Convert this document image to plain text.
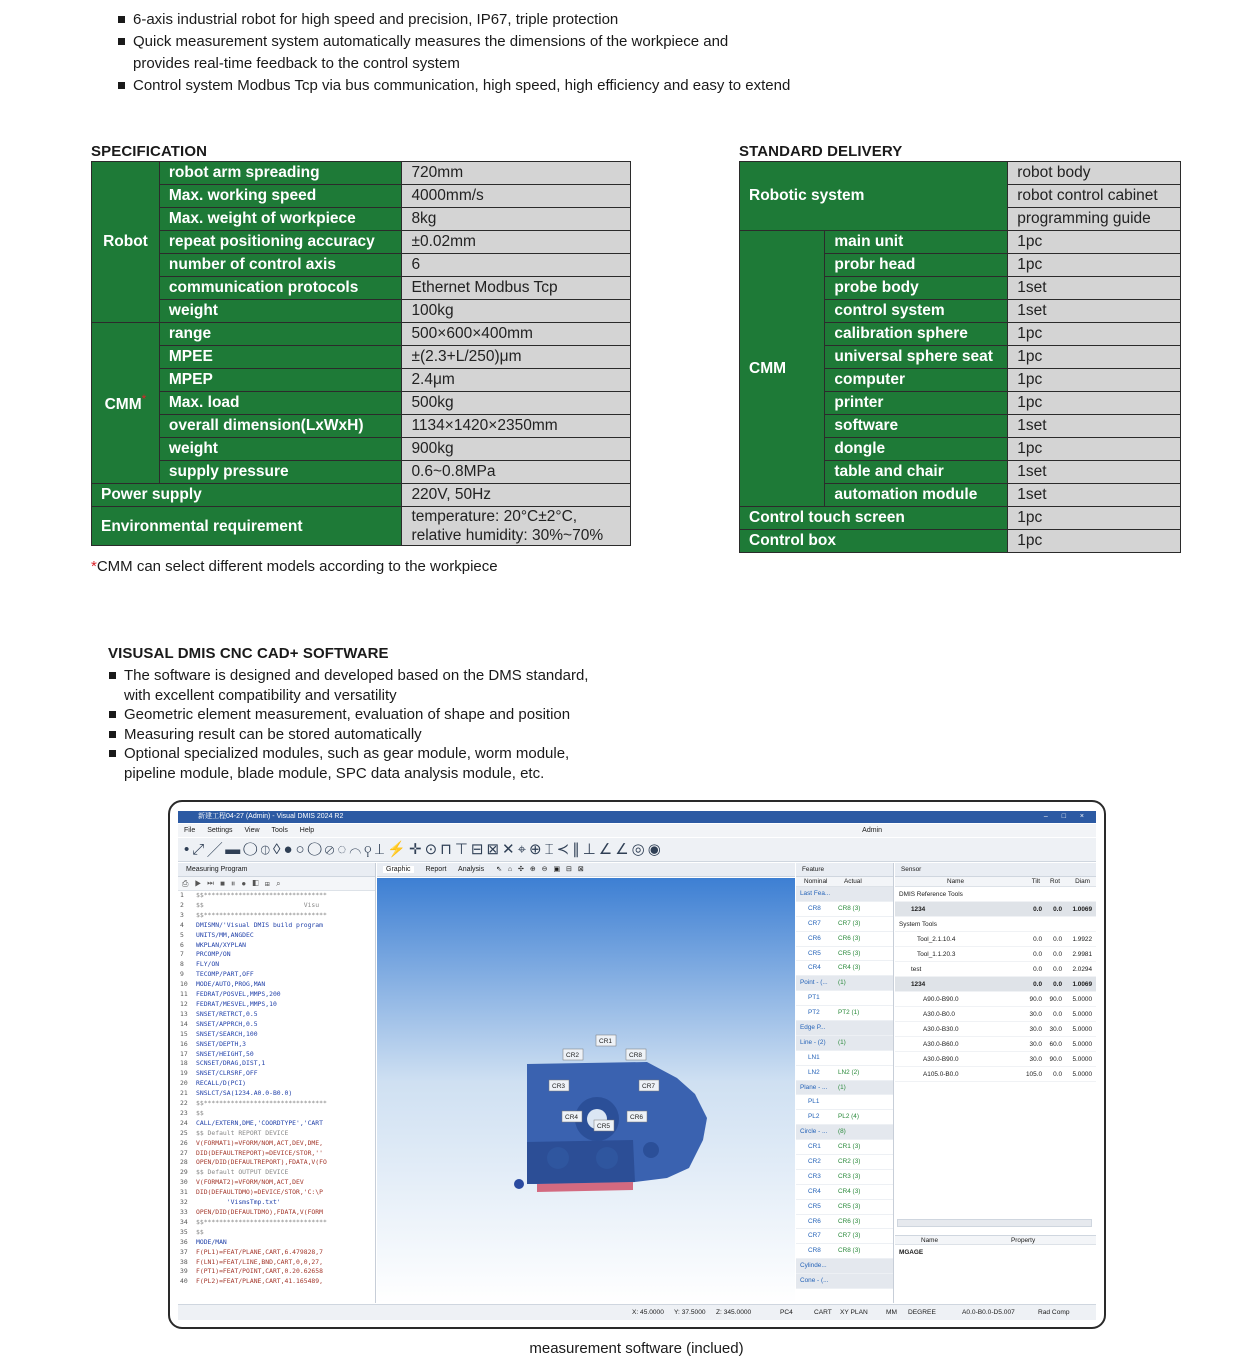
6-axis industrial robot for high speed and precision, IP67, triple protection
Quick measurement system automatically measures the dimensions of the workpiece and
provides real-time feedback to the control system
Control system Modbus Tcp via bus communication, high speed, high efficiency and easy to extend
SPECIFICATION
Robot	robot arm spreading	720mm
	Max. working speed	4000mm/s
	Max. weight of workpiece	8kg
	repeat positioning accuracy	±0.02mm
	number of control axis	6
	communication protocols	Ethernet Modbus Tcp
	weight	100kg
CMM*	range	500×600×400mm
	MPEE	±(2.3+L/250)μm
	MPEP	2.4μm
	Max. load	500kg
	overall dimension(LxWxH)	1134×1420×2350mm
	weight	900kg
	supply pressure	0.6~0.8MPa
Power supply		220V, 50Hz
Environmental requirement		temperature: 20°C±2°C,
relative humidity: 30%~70%
*CMM can select different models according to the workpiece
STANDARD DELIVERY
Robotic system		robot body
		robot control cabinet
		programming guide
CMM	main unit	1pc
	probr head	1pc
	probe body	1set
	control system	1set
	calibration sphere	1pc
	universal sphere seat	1pc
	computer	1pc
	printer	1pc
	software	1set
	dongle	1pc
	table and chair	1set
	automation module	1set
Control touch screen		1pc
Control box		1pc
VISUSAL DMIS CNC CAD+ SOFTWARE
The software is designed and developed based on the DMS standard,
with excellent compatibility and versatility
Geometric element measurement, evaluation of shape and position
Measuring result can be stored automatically
Optional specialized modules, such as gear module, worm module,
pipeline module, blade module, SPC data analysis module, etc.
新建工程04-27 (Admin) - Visual DMIS 2024 R2	– □ ×
File Settings View Tools Help	Admin
•⤢╱▬◯⦶◊●○◯⊘◌⌒⚲⊥⚡✛⊙⊓⊤⊟⊠✕⌖⊕⌶≺∥⊥∠∠◎◉
Measuring Program
⎙ ▶ ⏭ ■ ⏸ ● ◧ ⊞ ⌕
1 $$********************************
2 $$                          Visu
3 $$********************************
4 DMISMN/'Visual DMIS build program
5 UNITS/MM,ANGDEC
6 WKPLAN/XYPLAN
7 PRCOMP/ON
8 FLY/ON
9 TECOMP/PART,OFF
10 MODE/AUTO,PROG,MAN
11 FEDRAT/POSVEL,MMPS,200
12 FEDRAT/MESVEL,MMPS,10
13 SNSET/RETRCT,0.5
14 SNSET/APPRCH,0.5
15 SNSET/SEARCH,100
16 SNSET/DEPTH,3
17 SNSET/HEIGHT,50
18 SCNSET/DRAG,DIST,1
19 SNSET/CLRSRF,OFF
20 RECALL/D(PCI)
21 SNSLCT/SA(1234.A0.0-B0.0)
22 $$********************************
23 $$
24 CALL/EXTERN,DME,'COORDTYPE','CART
25 $$ Default REPORT DEVICE
26 V(FORMAT1)=VFORM/NOM,ACT,DEV,DME,
27 DID(DEFAULTREPORT)=DEVICE/STOR,''
28 OPEN/DID(DEFAULTREPORT),FDATA,V(FO
29 $$ Default OUTPUT DEVICE
30 V(FORMAT2)=VFORM/NOM,ACT,DEV
31 DID(DEFAULTDMO)=DEVICE/STOR,'C:\P
32        'VismsTmp.txt'
33 OPEN/DID(DEFAULTDMO),FDATA,V(FORM
34 $$********************************
35 $$
36 MODE/MAN
37 F(PL1)=FEAT/PLANE,CART,6.479828,7
38 F(LN1)=FEAT/LINE,BND,CART,0,0,27,
39 F(PT1)=FEAT/POINT,CART,0.20.62658
40 F(PL2)=FEAT/PLANE,CART,41.165489,
Graphic Report Analysis ⇖ ⌂ ✣ ⊕ ⊖ ▣ ⊟ ⊠
CR1
CR2	CR8
CR3	CR7
CR4	CR6
CR5
Feature
Nominal	Actual
Last Fea...
CR8	CR8 (3)
CR7	CR7 (3)
CR6	CR6 (3)
CR5	CR5 (3)
CR4	CR4 (3)
Point - (... (1)
PT1
PT2	PT2 (1)
Edge P...
Line - (2) (1)
LN1
LN2	LN2 (2)
Plane - ... (1)
PL1
PL2	PL2 (4)
Circle - ... (8)
CR1	CR1 (3)
CR2	CR2 (3)
CR3	CR3 (3)
CR4	CR4 (3)
CR5	CR5 (3)
CR6	CR6 (3)
CR7	CR7 (3)
CR8	CR8 (3)
Cylinde...
Cone - (...
Sensor
Name	Tilt Rot Diam
DMIS Reference Tools
1234	0.0	0.0	1.0069
System Tools
Tool_2.1.10.4	0.0	0.0	1.9922
Tool_1.1.20.3	0.0	0.0	2.9981
test	0.0	0.0	2.0294
1234	0.0	0.0	1.0069
A90.0-B90.0	90.0	90.0	5.0000
A30.0-B0.0	30.0	0.0	5.0000
A30.0-B30.0	30.0	30.0	5.0000
A30.0-B60.0	30.0	60.0	5.0000
A30.0-B90.0	30.0	90.0	5.0000
A105.0-B0.0	105.0	0.0	5.0000
Name	Property
MGAGE
X: 45.0000 Y: 37.5000 Z: 345.0000	PC4	CART XY PLAN	MM DEGREE	A0.0-B0.0-D5.007	Rad Comp
measurement software (inclued)
